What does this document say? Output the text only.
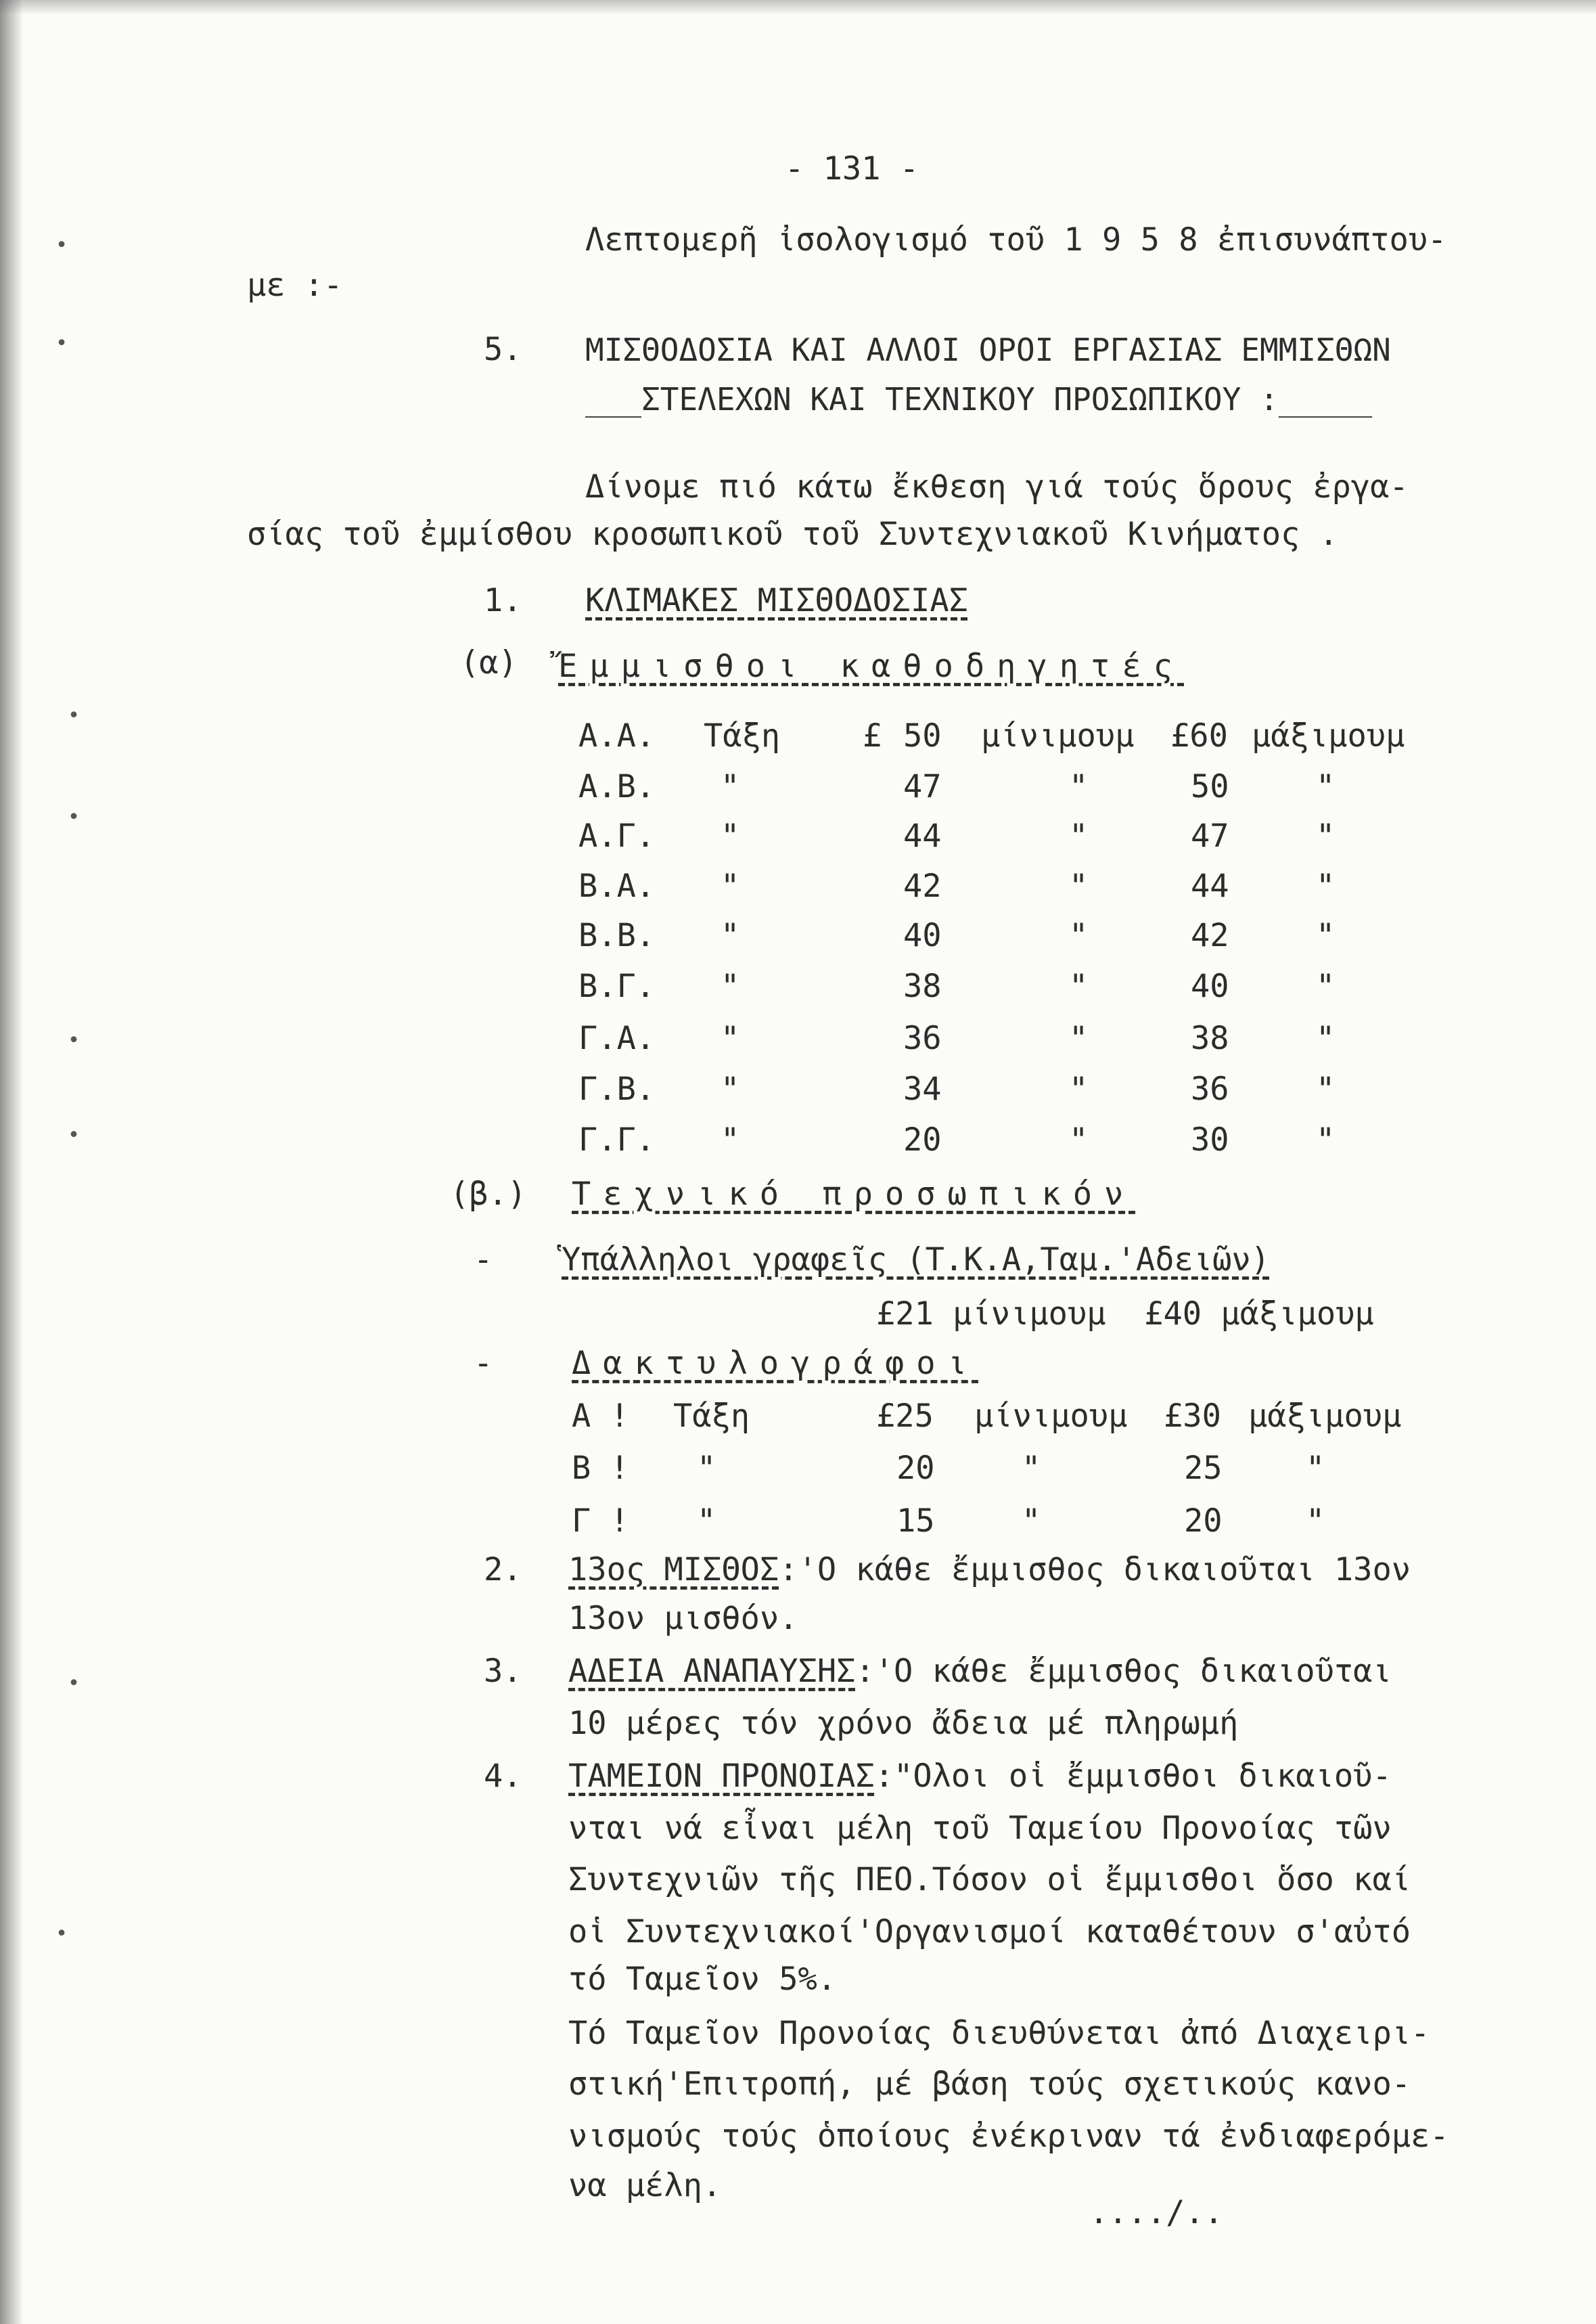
•
•
•
•
•
•
•
•
- 131 -
Λεπτομερῆ ἰσολογισμό τοῦ 1 9 5 8 ἐπισυνάπτου-
με :-
5. ΜΙΣΘΟΔΟΣΙΑ ΚΑΙ ΑΛΛΟΙ ΟΡΟΙ ΕΡΓΑΣΙΑΣ ΕΜΜΙΣΘΩΝ
___ΣΤΕΛΕΧΩΝ ΚΑΙ ΤΕΧΝΙΚΟΥ ΠΡΟΣΩΠΙΚΟΥ :_____
Δίνομε πιό κάτω ἔκθεση γιά τούς ὅρους ἐργα-
σίας τοῦ ἐμμίσθου κροσωπικοῦ τοῦ Συντεχνιακοῦ Κινήματος .
1. ΚΛΙΜΑΚΕΣ ΜΙΣΘΟΔΟΣΙΑΣ
(α) Ἔμμισθοι καθοδηγητές
Α.Α. Τάξη	£ 50 μίνιμουμ £60 μάξιμουμ
Α.Β. "	47	"	50	"
Α.Γ. "	44	"	47	"
Β.Α. "	42	"	44	"
Β.Β. "	40	"	42	"
Β.Γ. "	38	"	40	"
Γ.Α. "	36	"	38	"
Γ.Β. "	34	"	36	"
Γ.Γ. "	20	"	30	"
(β.) Τεχνικό προσωπικόν
- Ὑπάλληλοι γραφεῖς (Τ.Κ.Α,Ταμ.'Αδειῶν)
£21 μίνιμουμ  £40 μάξιμουμ
- Δακτυλογράφοι
Α ! Τάξη	£25 μίνιμουμ £30 μάξιμουμ
Β ! "	20	"	25	"
Γ ! "	15	"	20	"
2. 13ος ΜΙΣΘΟΣ:'Ο κάθε ἔμμισθος δικαιοῦται 13ον
13ον μισθόν.
3. ΑΔΕΙΑ ΑΝΑΠΑΥΣΗΣ:'Ο κάθε ἔμμισθος δικαιοῦται
10 μέρες τόν χρόνο ἄδεια μέ πληρωμή
4. ΤΑΜΕΙΟΝ ΠΡΟΝΟΙΑΣ:"Ολοι οἱ ἔμμισθοι δικαιοῦ-
νται νά εἶναι μέλη τοῦ Ταμείου Προνοίας τῶν
Συντεχνιῶν τῆς ΠΕΟ.Τόσον οἱ ἔμμισθοι ὅσο καί
οἱ Συντεχνιακοί'Οργανισμοί καταθέτουν σ'αὐτό
τό Ταμεῖον 5%.
Τό Ταμεῖον Προνοίας διευθύνεται ἀπό Διαχειρι-
στική'Επιτροπή, μέ βάση τούς σχετικούς κανο-
νισμούς τούς ὁποίους ἐνέκριναν τά ἐνδιαφερόμε-
να μέλη.
..../..
